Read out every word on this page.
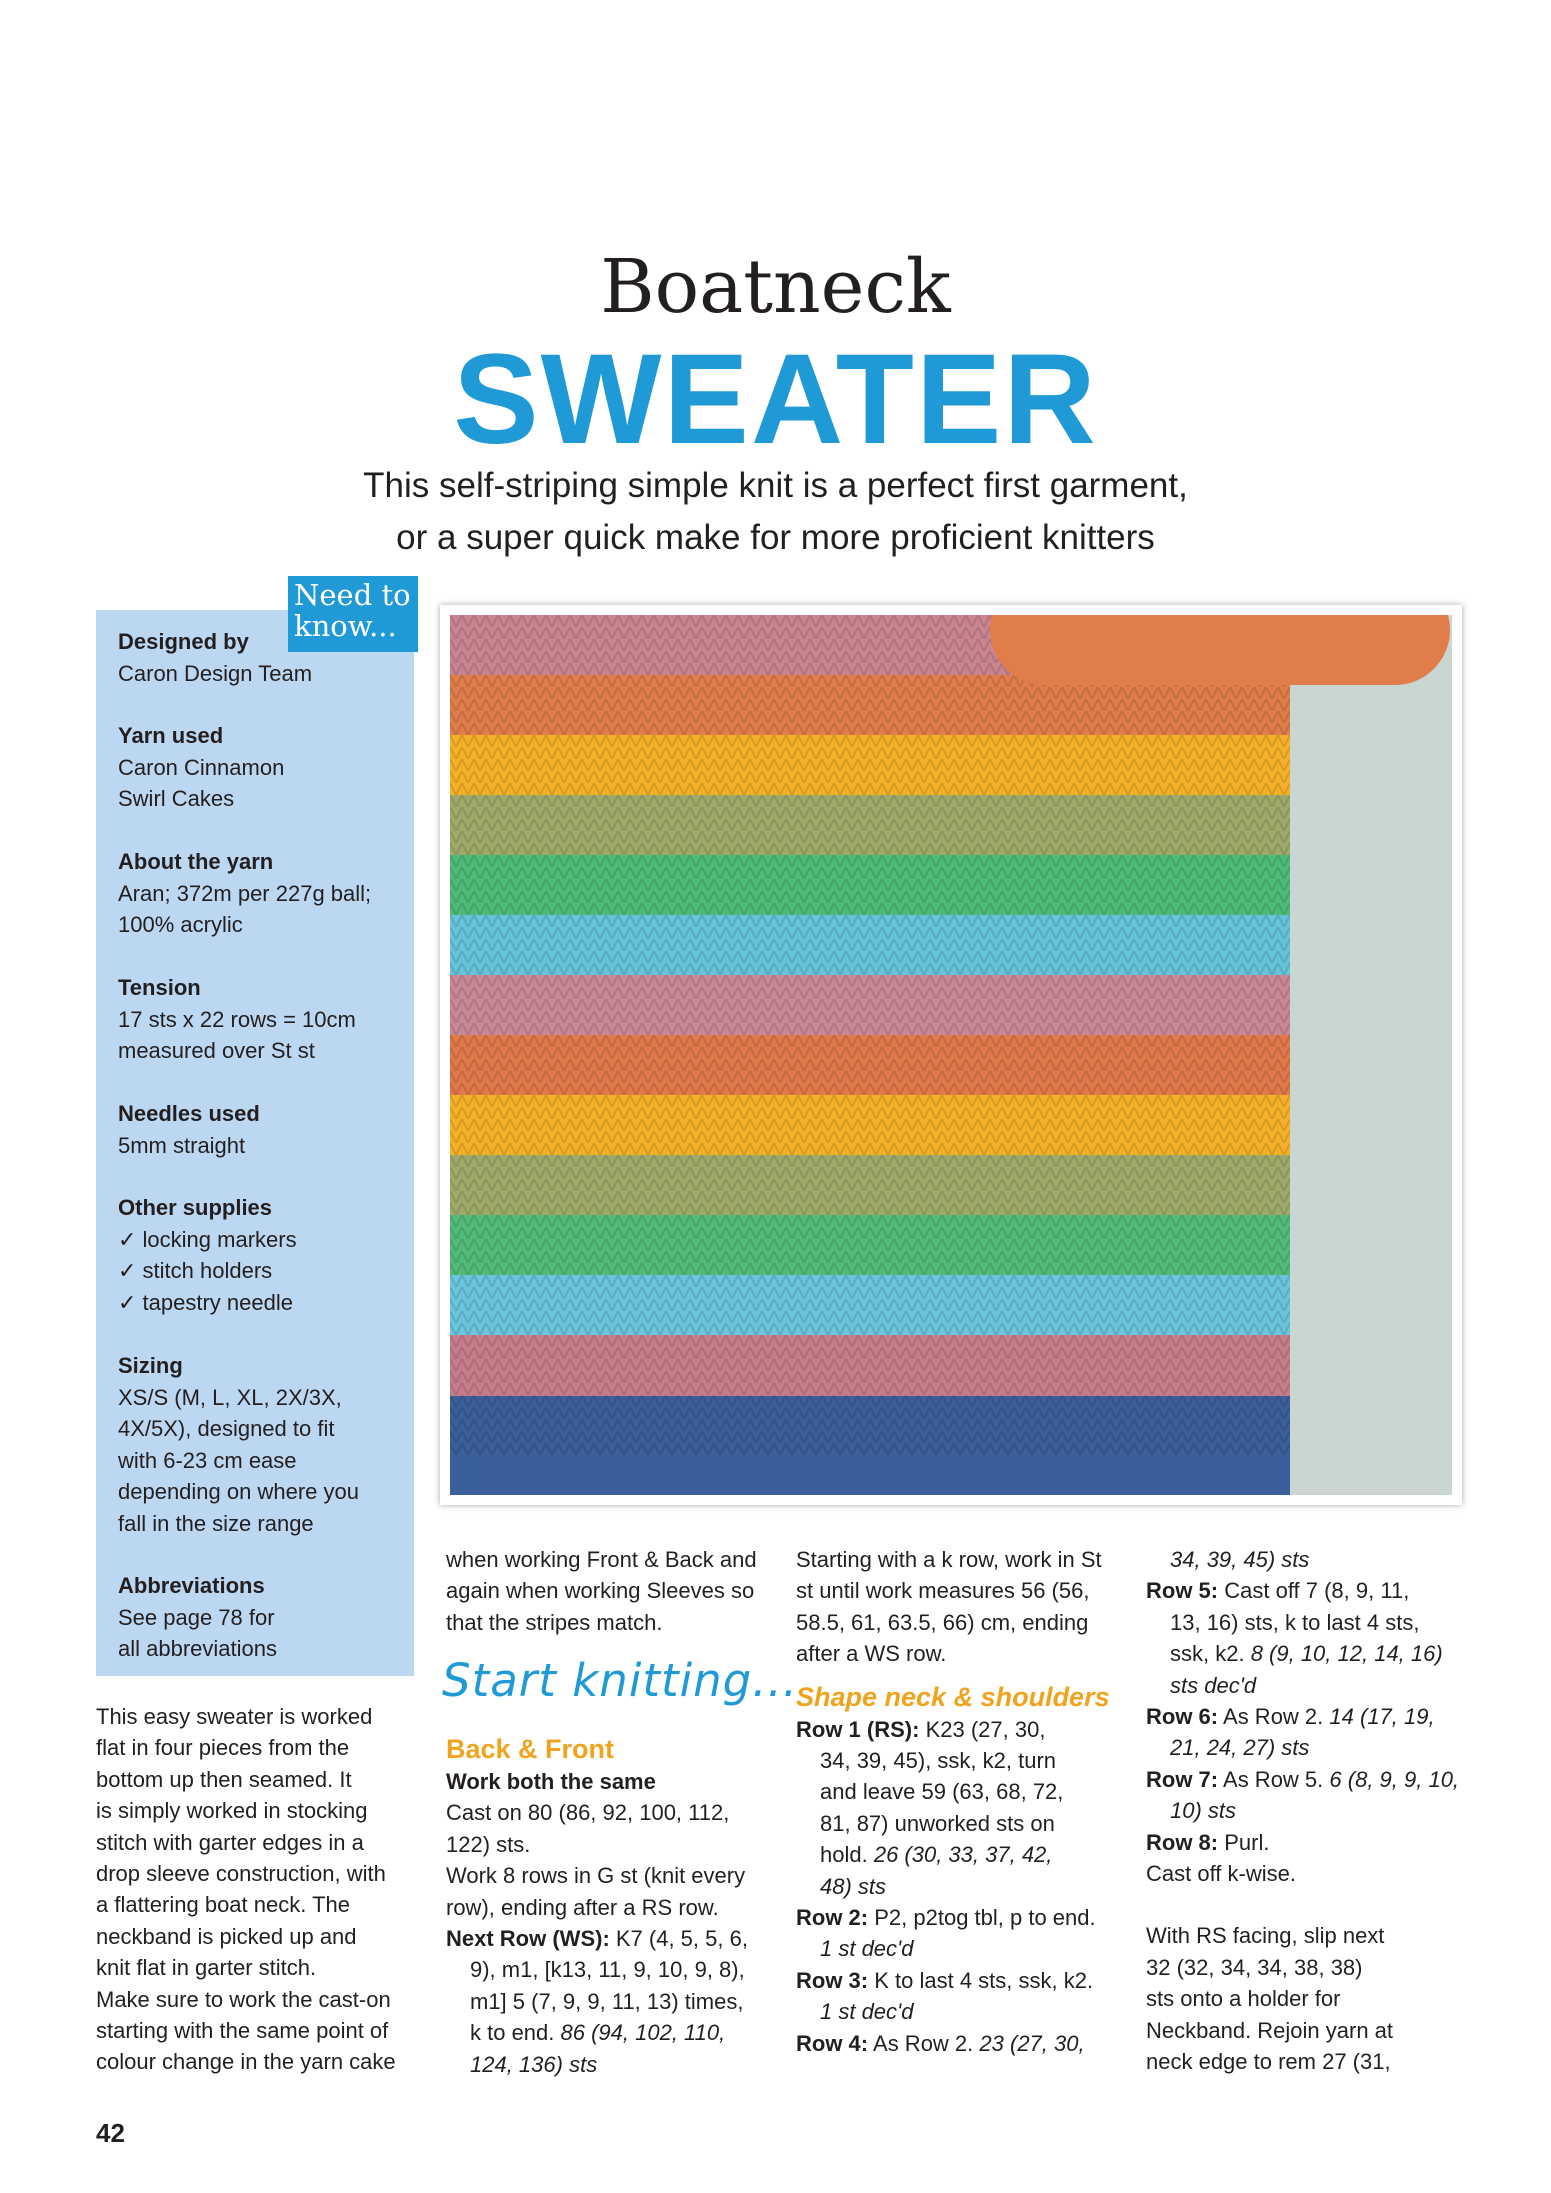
Boatneck
SWEATER
This self-striping simple knit is a perfect first garment,
or a super quick make for more proficient knitters
Need to
know...
Designed by
Caron Design Team
Yarn used
Caron Cinnamon
Swirl Cakes
About the yarn
Aran; 372m per 227g ball;
100% acrylic
Tension
17 sts x 22 rows = 10cm
measured over St st
Needles used
5mm straight
Other supplies
✓ locking markers
✓ stitch holders
✓ tapestry needle
Sizing
XS/S (M, L, XL, 2X/3X,
4X/5X), designed to fit
with 6-23 cm ease
depending on where you
fall in the size range
Abbreviations
See page 78 for
all abbreviations
This easy sweater is worked
flat in four pieces from the
bottom up then seamed. It
is simply worked in stocking
stitch with garter edges in a
drop sleeve construction, with
a flattering boat neck. The
neckband is picked up and
knit flat in garter stitch.
Make sure to work the cast-on
starting with the same point of
colour change in the yarn cake
when working Front & Back and
again when working Sleeves so
that the stripes match.
Start knitting...
Back & Front
Work both the same
Cast on 80 (86, 92, 100, 112,
122) sts.
Work 8 rows in G st (knit every
row), ending after a RS row.
Next Row (WS): K7 (4, 5, 5, 6,
9), m1, [k13, 11, 9, 10, 9, 8),
m1] 5 (7, 9, 9, 11, 13) times,
k to end. 86 (94, 102, 110,
124, 136) sts
Starting with a k row, work in St
st until work measures 56 (56,
58.5, 61, 63.5, 66) cm, ending
after a WS row.
Shape neck & shoulders
Row 1 (RS): K23 (27, 30,
34, 39, 45), ssk, k2, turn
and leave 59 (63, 68, 72,
81, 87) unworked sts on
hold. 26 (30, 33, 37, 42,
48) sts
Row 2: P2, p2tog tbl, p to end.
1 st dec'd
Row 3: K to last 4 sts, ssk, k2.
1 st dec'd
Row 4: As Row 2. 23 (27, 30,
34, 39, 45) sts
Row 5: Cast off 7 (8, 9, 11,
13, 16) sts, k to last 4 sts,
ssk, k2. 8 (9, 10, 12, 14, 16)
sts dec'd
Row 6: As Row 2. 14 (17, 19,
21, 24, 27) sts
Row 7: As Row 5. 6 (8, 9, 9, 10,
10) sts
Row 8: Purl.
Cast off k-wise.
With RS facing, slip next
32 (32, 34, 34, 38, 38)
sts onto a holder for
Neckband. Rejoin yarn at
neck edge to rem 27 (31,
42
